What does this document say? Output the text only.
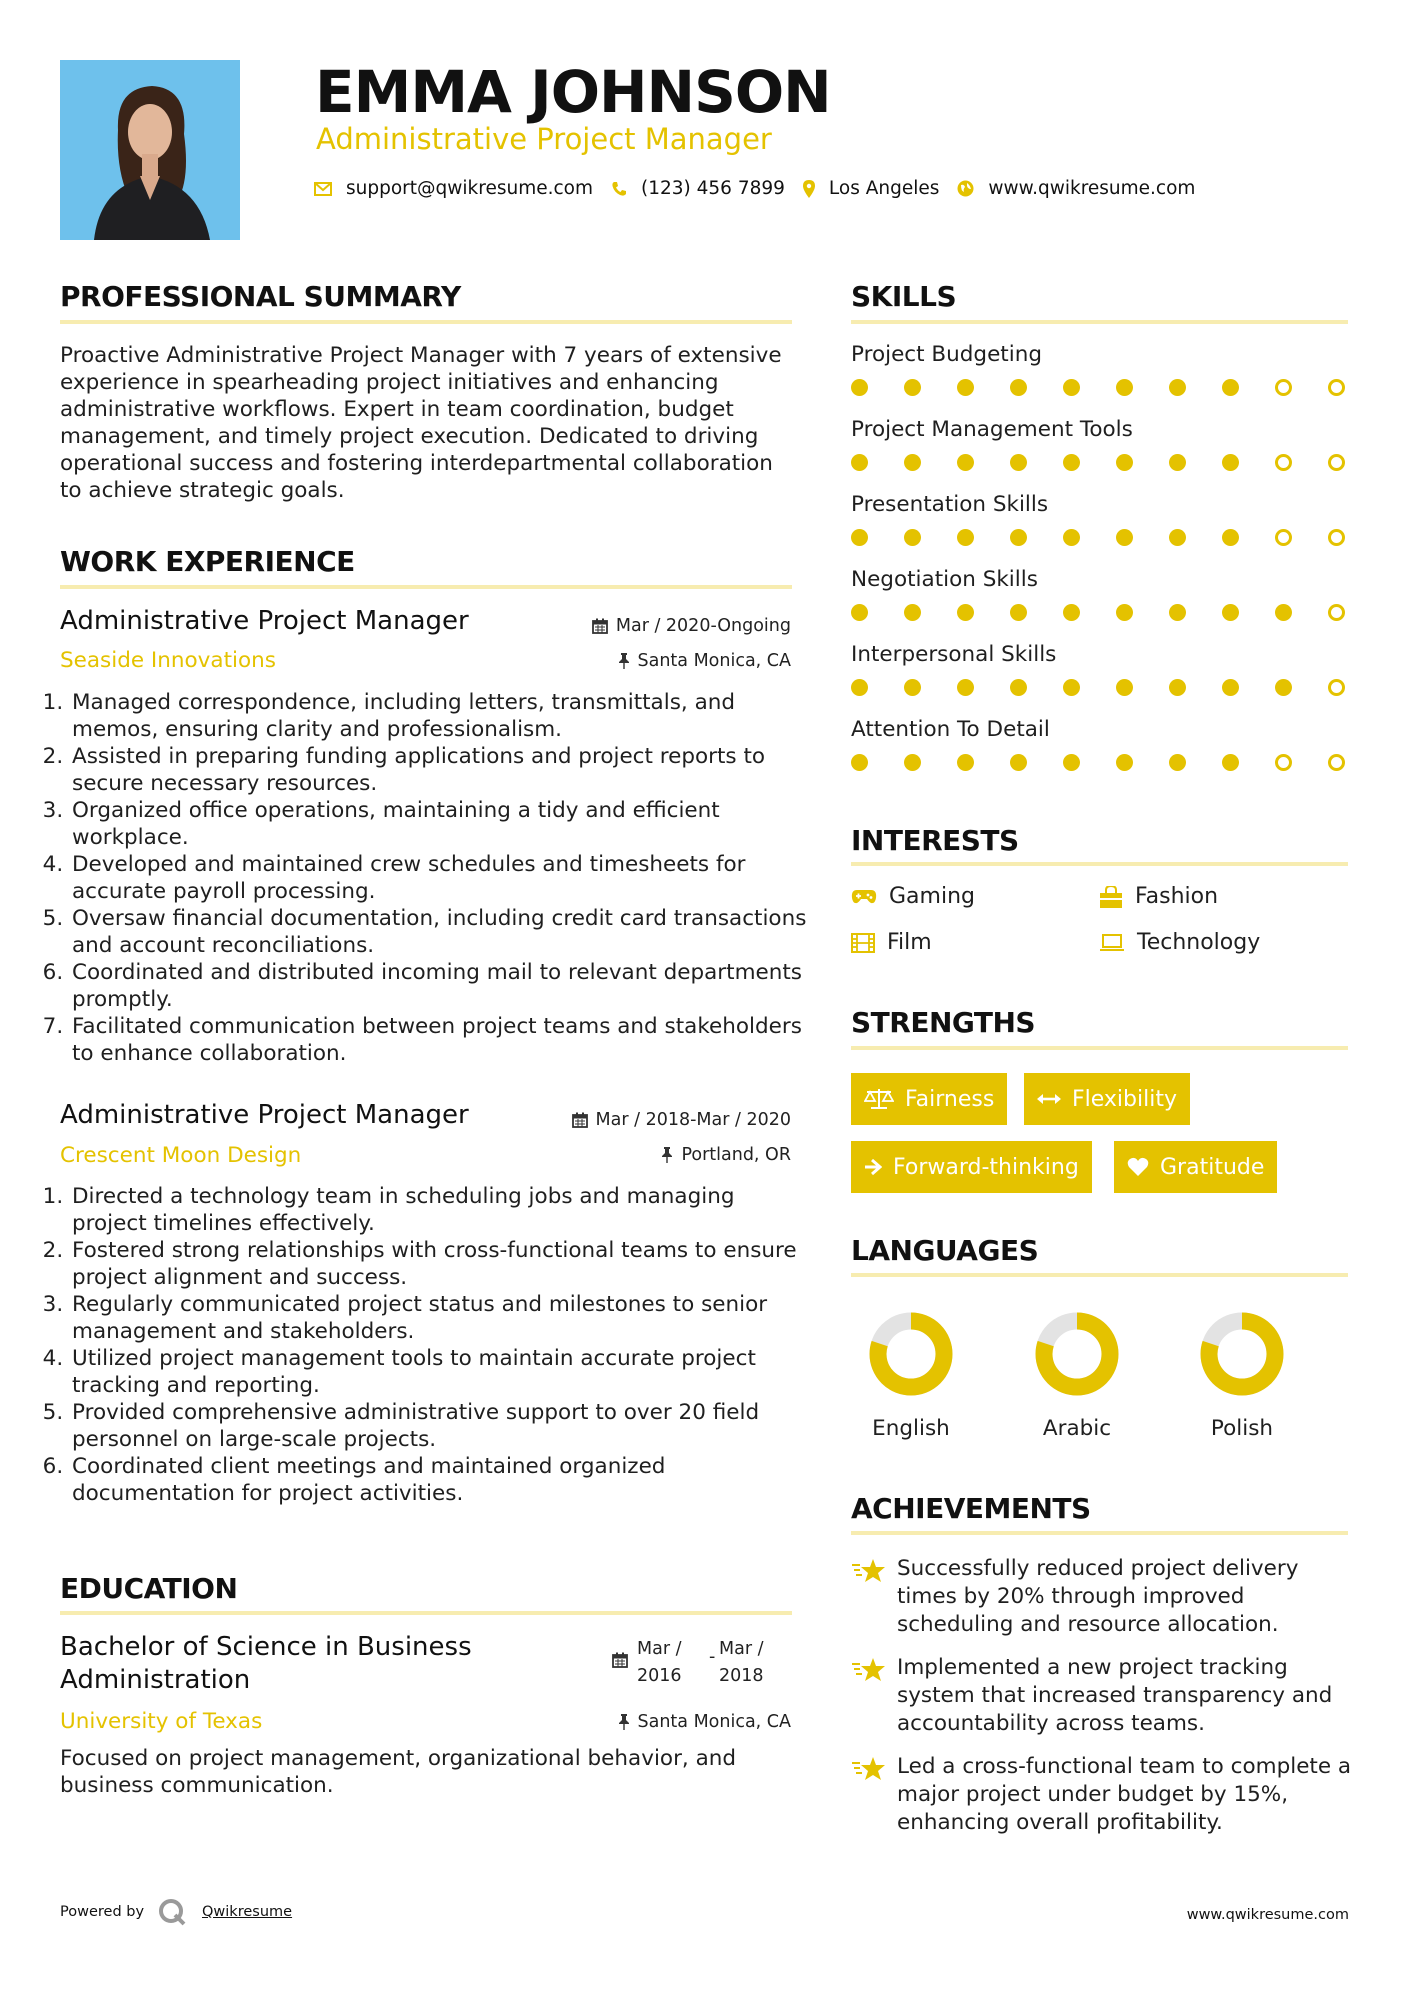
EMMA JOHNSON
Administrative Project Manager
support@qwikresume.com	(123) 456 7899 Los Angeles	www.qwikresume.com
PROFESSIONAL SUMMARY
Proactive Administrative Project Manager with 7 years of extensive experience in spearheading project initiatives and enhancing administrative workflows. Expert in team coordination, budget management, and timely project execution. Dedicated to driving operational success and fostering interdepartmental collaboration to achieve strategic goals.
WORK EXPERIENCE
Administrative Project Manager
Seaside Innovations
Mar / 2020-Ongoing
Santa Monica, CA
1. Managed correspondence, including letters, transmittals, and memos, ensuring clarity and professionalism.
2. Assisted in preparing funding applications and project reports to secure necessary resources.
3. Organized office operations, maintaining a tidy and efficient workplace.
4. Developed and maintained crew schedules and timesheets for accurate payroll processing.
5. Oversaw financial documentation, including credit card transactions and account reconciliations.
6. Coordinated and distributed incoming mail to relevant departments promptly.
7. Facilitated communication between project teams and stakeholders to enhance collaboration.
Administrative Project Manager
Crescent Moon Design
Mar / 2018-Mar / 2020
Portland, OR
1. Directed a technology team in scheduling jobs and managing project timelines effectively.
2. Fostered strong relationships with cross-functional teams to ensure project alignment and success.
3. Regularly communicated project status and milestones to senior management and stakeholders.
4. Utilized project management tools to maintain accurate project tracking and reporting.
5. Provided comprehensive administrative support to over 20 field personnel on large-scale projects.
6. Coordinated client meetings and maintained organized documentation for project activities.
EDUCATION
Bachelor of Science in Business
Administration
University of Texas
Mar /
2016
- Mar /
2018
Santa Monica, CA
Focused on project management, organizational behavior, and business communication.
SKILLS
Project Budgeting
Project Management Tools
Presentation Skills
Negotiation Skills
Interpersonal Skills
Attention To Detail
INTERESTS
Gaming	Fashion
Film	Technology
STRENGTHS
Fairness	Flexibility
Forward-thinking	Gratitude
LANGUAGES
English	Arabic	Polish
ACHIEVEMENTS
Successfully reduced project delivery times by 20% through improved scheduling and resource allocation.
Implemented a new project tracking system that increased transparency and accountability across teams.
Led a cross-functional team to complete a major project under budget by 15%, enhancing overall profitability.
Powered by	Qwikresume	www.qwikresume.com
